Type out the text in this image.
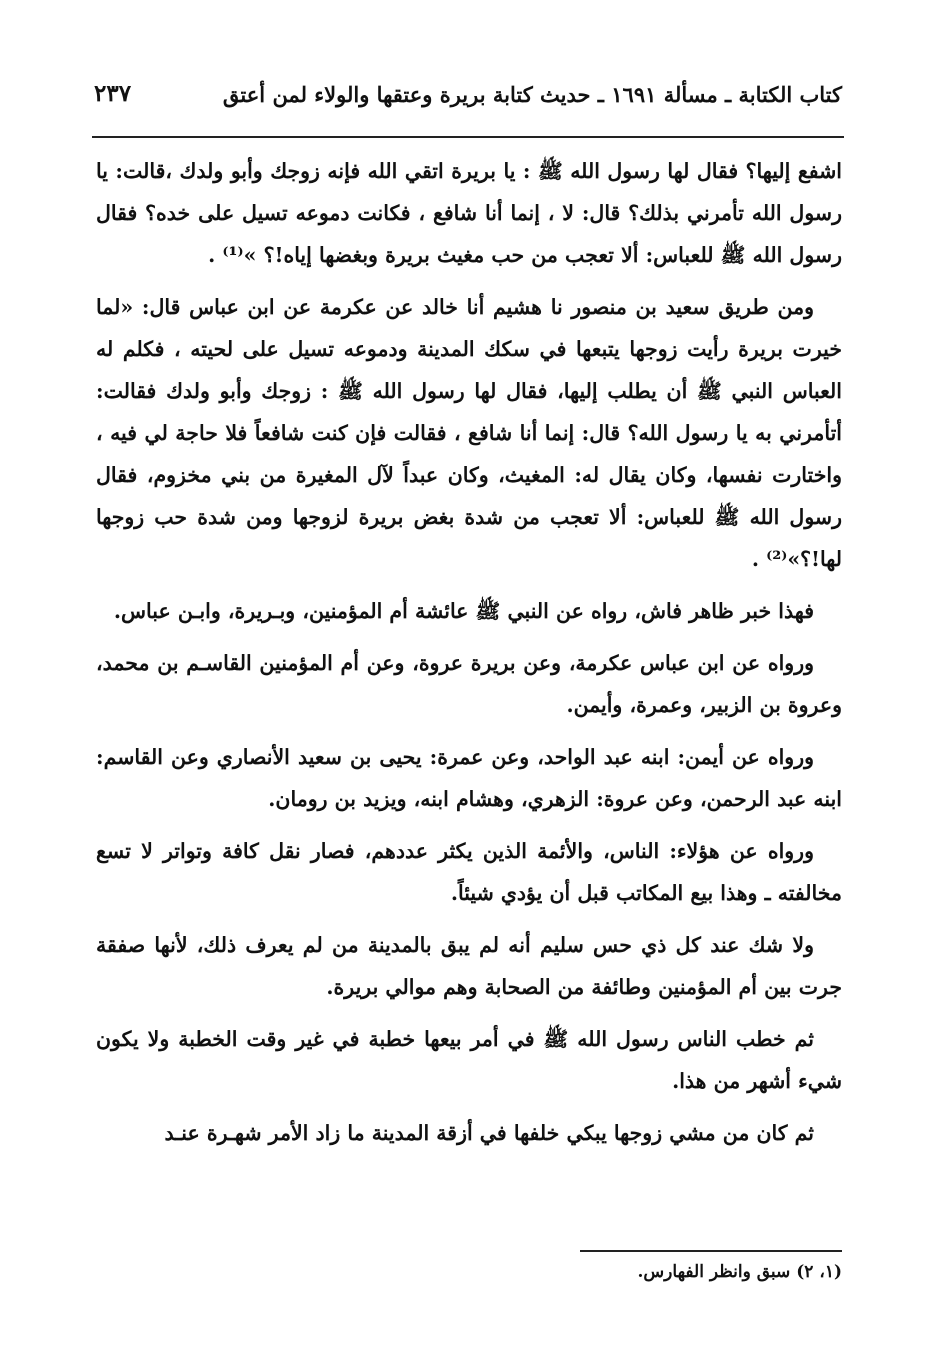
كتاب الكتابة ـ مسألة ١٦٩١ ـ حديث كتابة بريرة وعتقها والولاء لمن أعتق
٢٣٧

اشفع إليها؟ فقال لها رسول الله ﷺ : يا بريرة اتقي الله فإنه زوجك وأبو ولدك ،قالت: يا رسول الله تأمرني بذلك؟ قال: لا ، إنما أنا شافع ، فكانت دموعه تسيل على خده؟ فقال رسول الله ﷺ للعباس: ألا تعجب من حب مغيث بريرة وبغضها إياه!؟ »⁽¹⁾ .

ومن طريق سعيد بن منصور نا هشيم أنا خالد عن عكرمة عن ابن عباس قال: «لما خيرت بريرة رأيت زوجها يتبعها في سكك المدينة ودموعه تسيل على لحيته ، فكلم له العباس النبي ﷺ أن يطلب إليها، فقال لها رسول الله ﷺ : زوجك وأبو ولدك فقالت: أتأمرني به يا رسول الله؟ قال: إنما أنا شافع ، فقالت فإن كنت شافعاً فلا حاجة لي فيه ، واختارت نفسها، وكان يقال له: المغيث، وكان عبداً لآل المغيرة من بني مخزوم، فقال رسول الله ﷺ للعباس: ألا تعجب من شدة بغض بريرة لزوجها ومن شدة حب زوجها لها!؟»⁽²⁾ .

فهذا خبر ظاهر فاش، رواه عن النبي ﷺ عائشة أم المؤمنين، وبـريرة، وابـن عباس.

ورواه عن ابن عباس عكرمة، وعن بريرة عروة، وعن أم المؤمنين القاسـم بن محمد، وعروة بن الزبير، وعمرة، وأيمن.

ورواه عن أيمن: ابنه عبد الواحد، وعن عمرة: يحيى بن سعيد الأنصاري وعن القاسم: ابنه عبد الرحمن، وعن عروة: الزهري، وهشام ابنه، ويزيد بن رومان.

ورواه عن هؤلاء: الناس، والأئمة الذين يكثر عددهم، فصار نقل كافة وتواتر لا تسع مخالفته ـ وهذا بيع المكاتب قبل أن يؤدي شيئاً.

ولا شك عند كل ذي حس سليم أنه لم يبق بالمدينة من لم يعرف ذلك، لأنها صفقة جرت بين أم المؤمنين وطائفة من الصحابة وهم موالي بريرة.

ثم خطب الناس رسول الله ﷺ في أمر بيعها خطبة في غير وقت الخطبة ولا يكون شيء أشهر من هذا.

ثم كان من مشي زوجها يبكي خلفها في أزقة المدينة ما زاد الأمر شهـرة عنـد

(١، ٢) سبق وانظر الفهارس.
